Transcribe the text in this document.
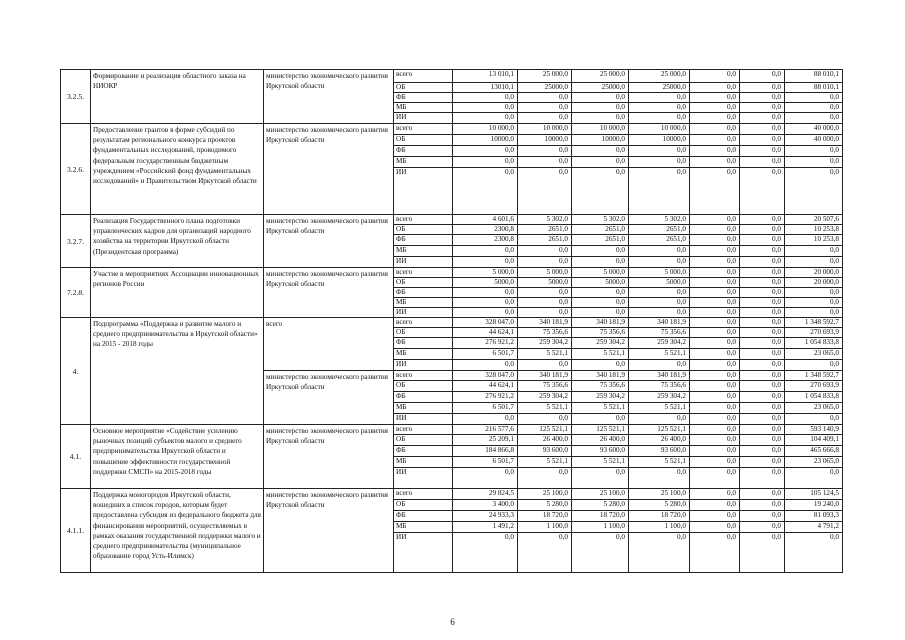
3.2.5.	Формирование и реализация областного заказа на НИОКР	министерство экономического развития Иркутской области	всего	13 010,1	25 000,0	25 000,0	25 000,0	0,0	0,0	88 010,1
			ОБ	13010,1	25000,0	25000,0	25000,0	0,0	0,0	88 010,1
			ФБ	0,0	0,0	0,0	0,0	0,0	0,0	0,0
			МБ	0,0	0,0	0,0	0,0	0,0	0,0	0,0
			ИИ	0,0	0,0	0,0	0,0	0,0	0,0	0,0
3.2.6.	Предоставление грантов в форме субсидий по результатам регионального конкурса проектов фундаментальных исследований, проводимого федеральным государственным бюджетным учреждением «Российский фонд фундаментальных исследований» и Правительством Иркутской области	министерство экономического развития Иркутской области	всего	10 000,0	10 000,0	10 000,0	10 000,0	0,0	0,0	40 000,0
			ОБ	10000,0	10000,0	10000,0	10000,0	0,0	0,0	40 000,0
			ФБ	0,0	0,0	0,0	0,0	0,0	0,0	0,0
			МБ	0,0	0,0	0,0	0,0	0,0	0,0	0,0
			ИИ	0,0	0,0	0,0	0,0	0,0	0,0	0,0
3.2.7.	Реализация Государственного плана подготовки управленческих кадров для организаций народного хозяйства на территории Иркутской области (Президентская программа)	министерство экономического развития Иркутской области	всего	4 601,6	5 302,0	5 302,0	5 302,0	0,0	0,0	20 507,6
			ОБ	2300,8	2651,0	2651,0	2651,0	0,0	0,0	10 253,8
			ФБ	2300,8	2651,0	2651,0	2651,0	0,0	0,0	10 253,8
			МБ	0,0	0,0	0,0	0,0	0,0	0,0	0,0
			ИИ	0,0	0,0	0,0	0,0	0,0	0,0	0,0
7.2.8.	Участие в мероприятиях Ассоциации инновационных регионов России	министерство экономического развития Иркутской области	всего	5 000,0	5 000,0	5 000,0	5 000,0	0,0	0,0	20 000,0
			ОБ	5000,0	5000,0	5000,0	5000,0	0,0	0,0	20 000,0
			ФБ	0,0	0,0	0,0	0,0	0,0	0,0	0,0
			МБ	0,0	0,0	0,0	0,0	0,0	0,0	0,0
			ИИ	0,0	0,0	0,0	0,0	0,0	0,0	0,0
4.	Подпрограмма «Поддержка и развитие малого и среднего предпринимательства в Иркутской области» на 2015 - 2018 годы	всего	всего	328 047,0	340 181,9	340 181,9	340 181,9	0,0	0,0	1 348 592,7
			ОБ	44 624,1	75 356,6	75 356,6	75 356,6	0,0	0,0	270 693,9
			ФБ	276 921,2	259 304,2	259 304,2	259 304,2	0,0	0,0	1 054 833,8
			МБ	6 501,7	5 521,1	5 521,1	5 521,1	0,0	0,0	23 065,0
			ИИ	0,0	0,0	0,0	0,0	0,0	0,0	0,0
		министерство экономического развития Иркутской области	всего	328 047,0	340 181,9	340 181,9	340 181,9	0,0	0,0	1 348 592,7
			ОБ	44 624,1	75 356,6	75 356,6	75 356,6	0,0	0,0	270 693,9
			ФБ	276 921,2	259 304,2	259 304,2	259 304,2	0,0	0,0	1 054 833,8
			МБ	6 501,7	5 521,1	5 521,1	5 521,1	0,0	0,0	23 065,0
			ИИ	0,0	0,0	0,0	0,0	0,0	0,0	0,0
4.1.	Основное мероприятие «Содействие усилению рыночных позиций субъектов малого и среднего предпринимательства Иркутской области и повышение эффективности государственной поддержки СМСП» на 2015-2018 годы	министерство экономического развития Иркутской области	всего	216 577,6	125 521,1	125 521,1	125 521,1	0,0	0,0	593 140,9
			ОБ	25 209,1	26 400,0	26 400,0	26 400,0	0,0	0,0	104 409,1
			ФБ	184 866,8	93 600,0	93 600,0	93 600,0	0,0	0,0	465 666,8
			МБ	6 501,7	5 521,1	5 521,1	5 521,1	0,0	0,0	23 065,0
			ИИ	0,0	0,0	0,0	0,0	0,0	0,0	0,0
4.1.1.	Поддержка моногородов Иркутской области, вошедших в список городов, которым будет предоставлена субсидия из федерального бюджета для финансирования мероприятий, осуществляемых в рамках оказания государственной поддержки малого и среднего предпринимательства (муниципальное образование город Усть-Илимск)	министерство экономического развития Иркутской области	всего	29 824,5	25 100,0	25 100,0	25 100,0	0,0	0,0	105 124,5
			ОБ	3 400,0	5 280,0	5 280,0	5 280,0	0,0	0,0	19 240,0
			ФБ	24 933,3	18 720,0	18 720,0	18 720,0	0,0	0,0	81 093,3
			МБ	1 491,2	1 100,0	1 100,0	1 100,0	0,0	0,0	4 791,2
			ИИ	0,0	0,0	0,0	0,0	0,0	0,0	0,0
6
